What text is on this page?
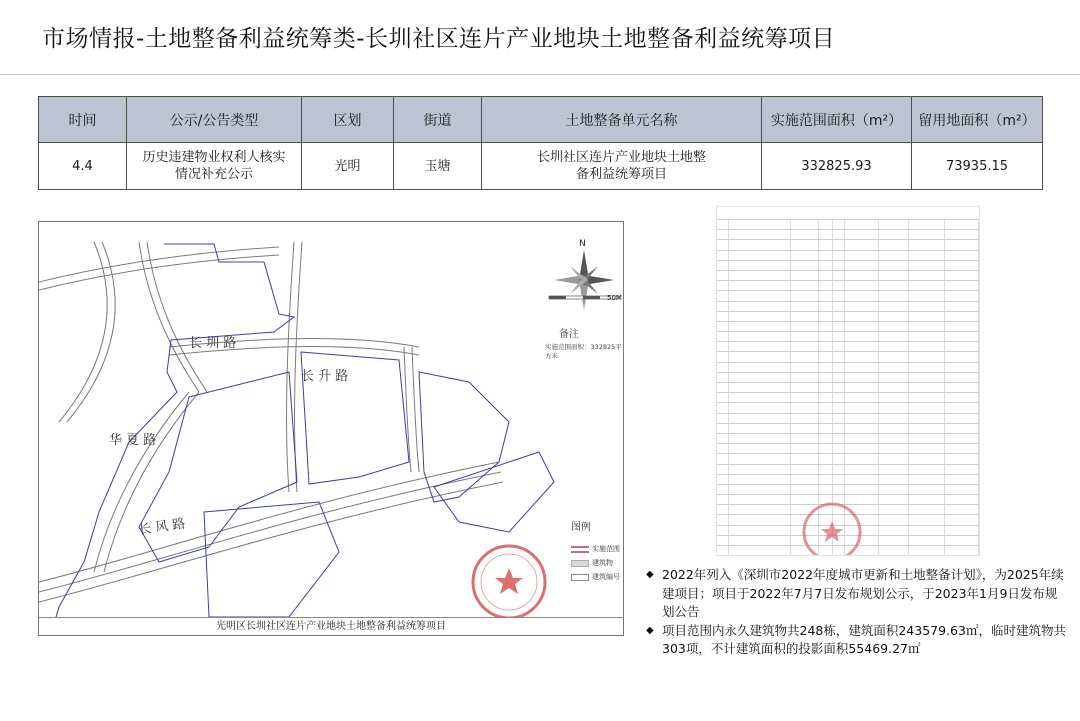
市场情报-土地整备利益统筹类-长圳社区连片产业地块土地整备利益统筹项目
时间	公示/公告类型	区划	街道	土地整备单元名称	实施范围面积（m²）	留用地面积（m²）
4.4	历史违建物业权利人核实情况补充公示	光明	玉塘	长圳社区连片产业地块土地整备利益统筹项目	332825.93	73935.15
长 圳 路
长 风 路
长 升 路
华 夏 路
N
50M
备注
实施范围面积：332825平方米
图例
实施范围
建筑物
建筑编号
光明区长圳社区连片产业地块土地整备利益统筹项目
◆ 2022年列入《深圳市2022年度城市更新和土地整备计划》，为2025年续建项目；项目于2022年7月7日发布规划公示，于2023年1月9日发布规划公告
◆ 项目范围内永久建筑物共248栋，建筑面积243579.63㎡，临时建筑物共303项，不计建筑面积的投影面积55469.27㎡
